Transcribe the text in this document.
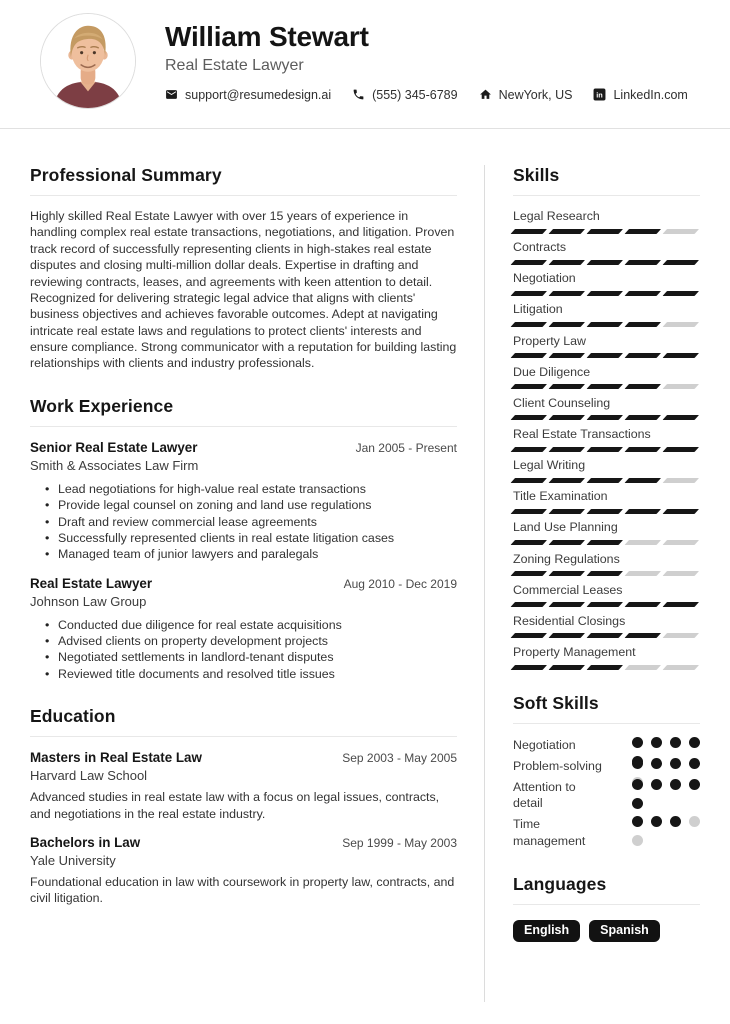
William Stewart
Real Estate Lawyer
support@resumedesign.ai	(555) 345-6789	NewYork, US in LinkedIn.com
Professional Summary

Highly skilled Real Estate Lawyer with over 15 years of experience in handling complex real estate transactions, negotiations, and litigation. Proven track record of successfully representing clients in high-stakes real estate disputes and closing multi-million dollar deals. Expertise in drafting and reviewing contracts, leases, and agreements with keen attention to detail. Recognized for delivering strategic legal advice that aligns with clients' business objectives and achieves favorable outcomes. Adept at navigating intricate real estate laws and regulations to protect clients' interests and ensure compliance. Strong communicator with a reputation for building lasting relationships with clients and industry professionals.

Work Experience
Senior Real Estate Lawyer	Jan 2005 - Present
Smith & Associates Law Firm
• Lead negotiations for high-value real estate transactions
• Provide legal counsel on zoning and land use regulations
• Draft and review commercial lease agreements
• Successfully represented clients in real estate litigation cases
• Managed team of junior lawyers and paralegals
Real Estate Lawyer	Aug 2010 - Dec 2019
Johnson Law Group
• Conducted due diligence for real estate acquisitions
• Advised clients on property development projects
• Negotiated settlements in landlord-tenant disputes
• Reviewed title documents and resolved title issues
Education
Masters in Real Estate Law	Sep 2003 - May 2005
Harvard Law School

Advanced studies in real estate law with a focus on legal issues, contracts, and negotiations in the real estate industry.

Bachelors in Law	Sep 1999 - May 2003
Yale University

Foundational education in law with coursework in property law, contracts, and civil litigation.

Skills
Legal Research
Contracts
Negotiation
Litigation
Property Law
Due Diligence
Client Counseling
Real Estate Transactions
Legal Writing
Title Examination
Land Use Planning
Zoning Regulations
Commercial Leases
Residential Closings
Property Management
Soft Skills
Negotiation
Problem-solving
Attention to detail
Time management
Languages
English	Spanish
